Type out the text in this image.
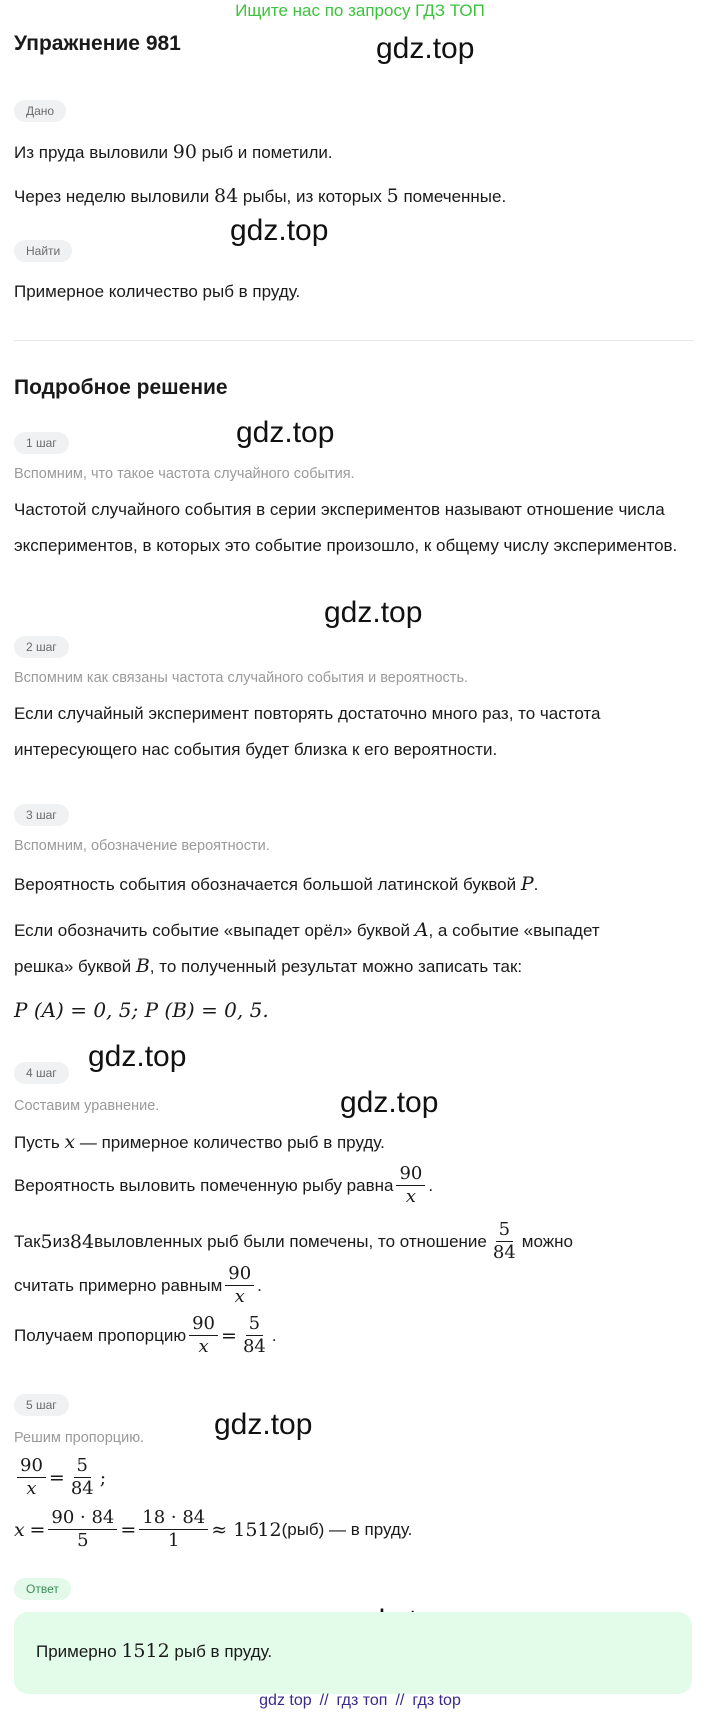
Ищите нас по запросу ГДЗ ТОП
Упражнение 981	gdz.top
gdz.top
gdz.top
gdz.top
gdz.top
gdz.top
gdz.top
Дано
Из пруда выловили 90 рыб и пометили.
Через неделю выловили 84 рыбы, из которых 5 помеченные.
Найти
Примерное количество рыб в пруду.
Подробное решение
1 шаг
Вспомним, что такое частота случайного события.
Частотой случайного события в серии экспериментов называют отношение числа экспериментов, в которых это событие произошло, к общему числу экспериментов.
2 шаг
Вспомним как связаны частота случайного события и вероятность.
Если случайный эксперимент повторять достаточно много раз, то частота интересующего нас события будет близка к его вероятности.
3 шаг
Вспомним, обозначение вероятности.
Вероятность события обозначается большой латинской буквой P.
Если обозначить событие «выпадет орёл» буквой A, а событие «выпадет
решка» буквой B, то полученный результат можно записать так:
P (A) = 0, 5; P (B) = 0, 5.
4 шаг
Составим уравнение.
Пусть x — примерное количество рыб в пруду.
Вероятность выловить помеченную рыбу равна $\frac{90}{x}$ .
Так 5 из 84 выловленных рыб были помечены, то отношение $\frac{5}{84}$ можно
считать примерно равным $\frac{90}{x}$ .
Получаем пропорцию $\frac{90}{x} = \frac{5}{84}$ .
5 шаг
Решим пропорцию.
$\frac{90}{x} = \frac{5}{84}$ ;
x
= $\frac{90 \cdot 84}{5} = \frac{18 \cdot 84}{1} \approx 1512$ (рыб) — в пруду.
Ответ
Примерно 1512 рыб в пруду.
gdz top // гдз топ // гдз top
